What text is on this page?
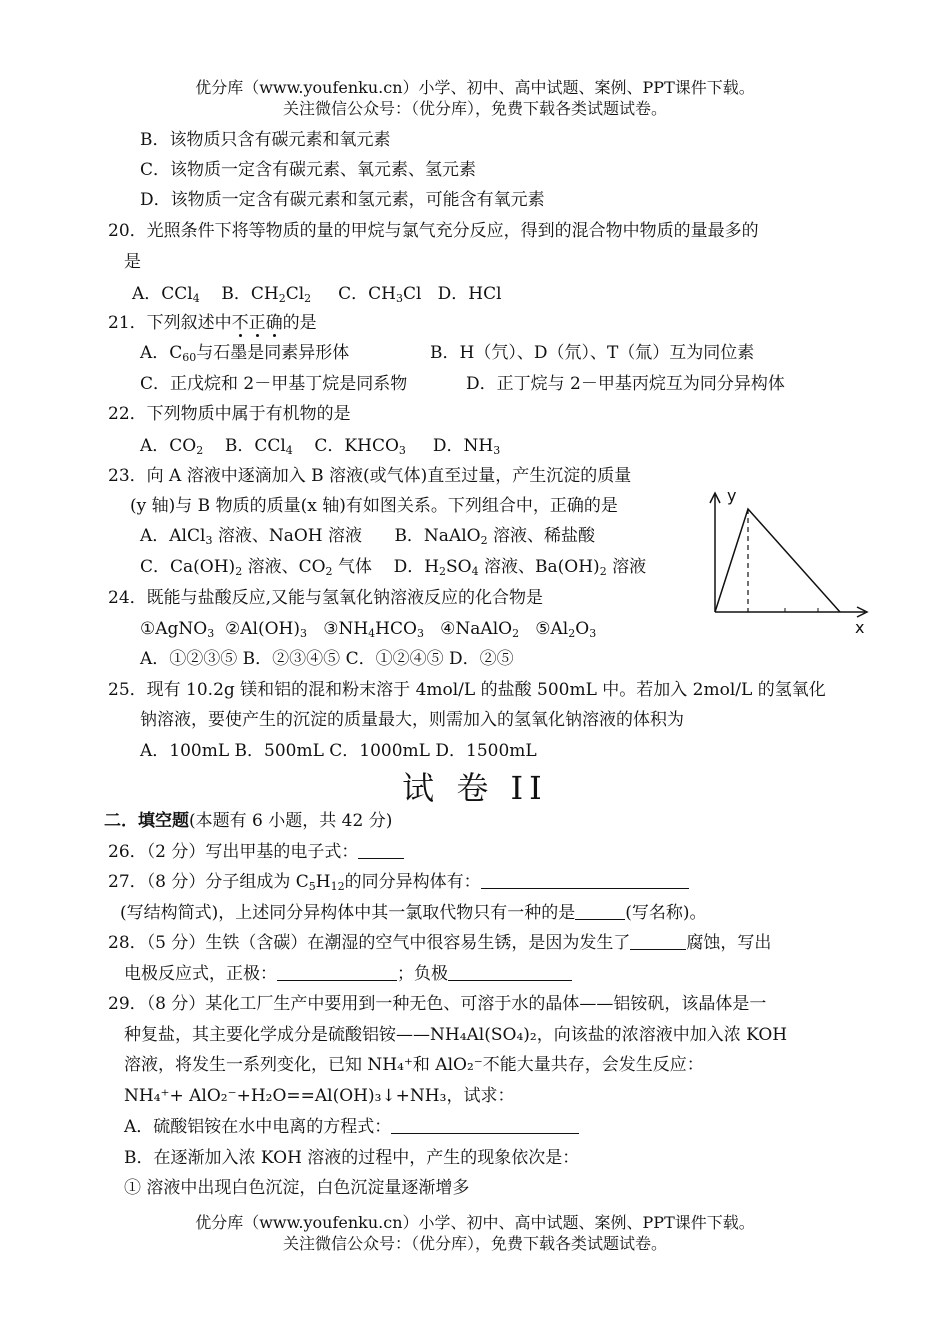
优分库（www.youfenku.cn）小学、初中、高中试题、案例、PPT课件下载。
关注微信公众号：（优分库），免费下载各类试题试卷。
B．该物质只含有碳元素和氧元素
C．该物质一定含有碳元素、氧元素、氢元素
D．该物质一定含有碳元素和氢元素，可能含有氧元素
20．光照条件下将等物质的量的甲烷与氯气充分反应，得到的混合物中物质的量最多的
是
A．CCl$_4$    B．$CH_2Cl_2$     C．$CH_3Cl$   D．HCl
21．下列叙述中不正确的是
A．$C_{60}$与石墨是同素异形体	B．H（氕）、D（氘）、T（氚）互为同位素
C．正戊烷和 2－甲基丁烷是同系物	D．正丁烷与 2－甲基丙烷互为同分异构体
22．下列物质中属于有机物的是
A．$CO_2$    B．CCl$_4$    C．$KHCO_3$     D．$NH_3$
23．向 A 溶液中逐滴加入 B 溶液(或气体)直至过量，产生沉淀的质量
(y 轴)与 B 物质的质量(x 轴)有如图关系。下列组合中，正确的是
A．AlCl$_3$ 溶液、NaOH 溶液      B．NaAlO$_2$ 溶液、稀盐酸
C．$Ca(OH)_2$ 溶液、$CO_2$ 气体    D．$H_2SO_4$ 溶液、$Ba(OH)_2$ 溶液
y
x
24．既能与盐酸反应,又能与氢氧化钠溶液反应的化合物是
①AgNO$_3$  $②Al(OH)_3$   $③NH_4HCO_3$   ④NaAlO$_2$   $⑤Al_2O_3$
A．①②③⑤ B．②③④⑤ C．①②④⑤ D．②⑤
25．现有 10.2g 镁和铝的混和粉末溶于 4mol/L 的盐酸 500mL 中。若加入 2mol/L 的氢氧化
钠溶液，要使产生的沉淀的质量最大，则需加入的氢氧化钠溶液的体积为
A．100mL B．500mL C．1000mL D．1500mL
试 卷 II
二．填空题(本题有 6 小题，共 42 分)
26．（2 分）写出甲基的电子式：
27．（8 分）分子组成为 $C_5H_{12}$的同分异构体有：
(写结构简式)，上述同分异构体中其一氯取代物只有一种的是	(写名称)。
28．（5 分）生铁（含碳）在潮湿的空气中很容易生锈，是因为发生了	腐蚀，写出
电极反应式，正极：	；负极
29．（8 分）某化工厂生产中要用到一种无色、可溶于水的晶体——铝铵矾，该晶体是一
种复盐，其主要化学成分是硫酸铝铵——NH₄Al(SO₄)₂，向该盐的浓溶液中加入浓 KOH
溶液，将发生一系列变化，已知 NH₄⁺和 AlO₂⁻不能大量共存，会发生反应：
NH₄⁺+ AlO₂⁻+H₂O==Al(OH)₃↓+NH₃，试求：
A．硫酸铝铵在水中电离的方程式：
B．在逐渐加入浓 KOH 溶液的过程中，产生的现象依次是：
① 溶液中出现白色沉淀，白色沉淀量逐渐增多
优分库（www.youfenku.cn）小学、初中、高中试题、案例、PPT课件下载。
关注微信公众号：（优分库），免费下载各类试题试卷。
